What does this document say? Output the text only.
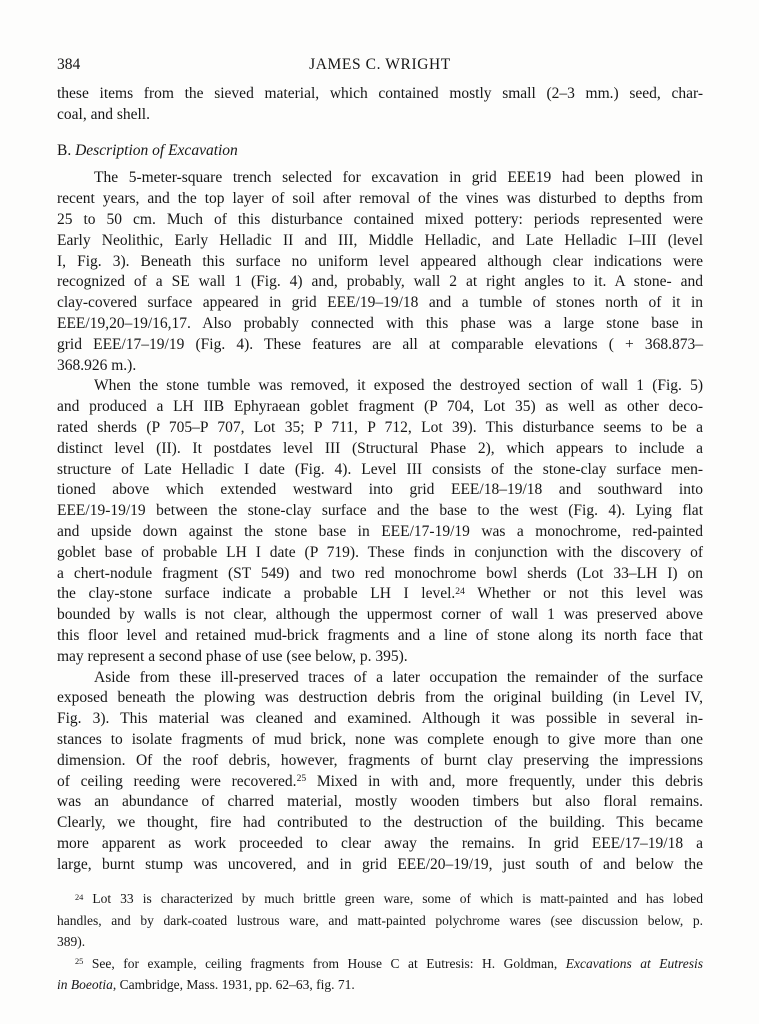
384	JAMES C. WRIGHT
these items from the sieved material, which contained mostly small (2–3 mm.) seed, char-
coal, and shell.
B. Description of Excavation
The 5-meter-square trench selected for excavation in grid EEE19 had been plowed in
recent years, and the top layer of soil after removal of the vines was disturbed to depths from
25 to 50 cm. Much of this disturbance contained mixed pottery: periods represented were
Early Neolithic, Early Helladic II and III, Middle Helladic, and Late Helladic I–III (level
I, Fig. 3). Beneath this surface no uniform level appeared although clear indications were
recognized of a SE wall 1 (Fig. 4) and, probably, wall 2 at right angles to it. A stone- and
clay-covered surface appeared in grid EEE/19–19/18 and a tumble of stones north of it in
EEE/19,20–19/16,17. Also probably connected with this phase was a large stone base in
grid EEE/17–19/19 (Fig. 4). These features are all at comparable elevations ( + 368.873–
368.926 m.).
When the stone tumble was removed, it exposed the destroyed section of wall 1 (Fig. 5)
and produced a LH IIB Ephyraean goblet fragment (P 704, Lot 35) as well as other deco-
rated sherds (P 705–P 707, Lot 35; P 711, P 712, Lot 39). This disturbance seems to be a
distinct level (II). It postdates level III (Structural Phase 2), which appears to include a
structure of Late Helladic I date (Fig. 4). Level III consists of the stone-clay surface men-
tioned above which extended westward into grid EEE/18–19/18 and southward into
EEE/19-19/19 between the stone-clay surface and the base to the west (Fig. 4). Lying flat
and upside down against the stone base in EEE/17-19/19 was a monochrome, red-painted
goblet base of probable LH I date (P 719). These finds in conjunction with the discovery of
a chert-nodule fragment (ST 549) and two red monochrome bowl sherds (Lot 33–LH I) on
the clay-stone surface indicate a probable LH I level.$^{24}$ Whether or not this level was
bounded by walls is not clear, although the uppermost corner of wall 1 was preserved above
this floor level and retained mud-brick fragments and a line of stone along its north face that
may represent a second phase of use (see below, p. 395).
Aside from these ill-preserved traces of a later occupation the remainder of the surface
exposed beneath the plowing was destruction debris from the original building (in Level IV,
Fig. 3). This material was cleaned and examined. Although it was possible in several in-
stances to isolate fragments of mud brick, none was complete enough to give more than one
dimension. Of the roof debris, however, fragments of burnt clay preserving the impressions
of ceiling reeding were recovered.$^{25}$ Mixed in with and, more frequently, under this debris
was an abundance of charred material, mostly wooden timbers but also floral remains.
Clearly, we thought, fire had contributed to the destruction of the building. This became
more apparent as work proceeded to clear away the remains. In grid EEE/17–19/18 a
large, burnt stump was uncovered, and in grid EEE/20–19/19, just south of and below the
$^{24}$ Lot 33 is characterized by much brittle green ware, some of which is matt-painted and has lobed
handles, and by dark-coated lustrous ware, and matt-painted polychrome wares (see discussion below, p.
389).
$^{25}$ See, for example, ceiling fragments from House C at Eutresis: H. Goldman, Excavations at Eutresis
in Boeotia, Cambridge, Mass. 1931, pp. 62–63, fig. 71.
